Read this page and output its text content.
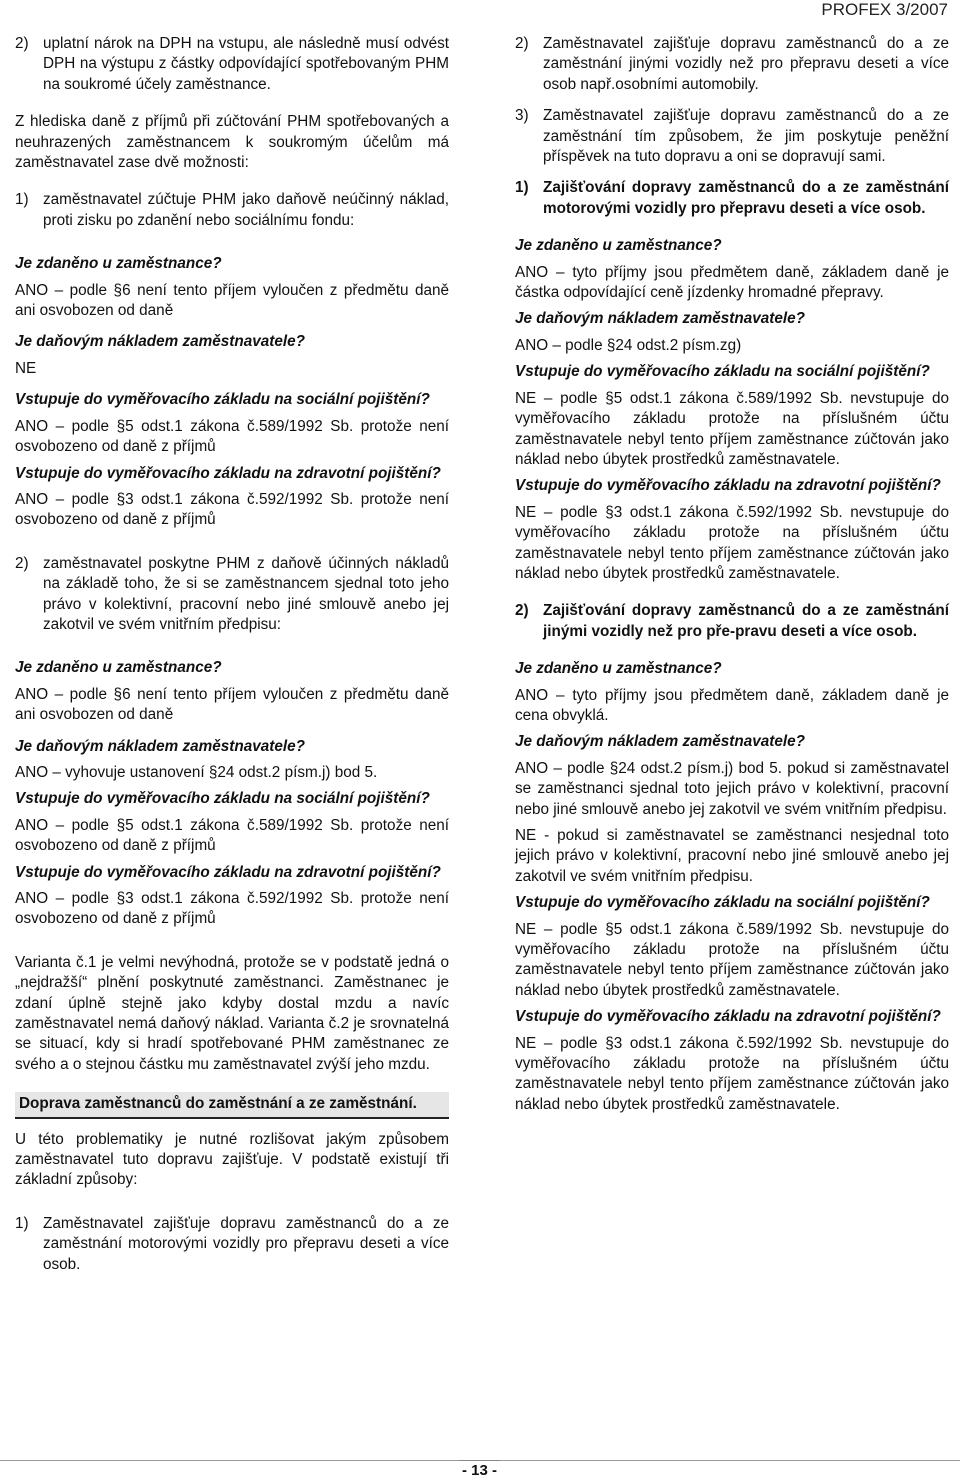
PROFEX 3/2007
2) uplatní nárok na DPH na vstupu, ale následně musí odvést DPH na výstupu z částky odpovídající spotřebovaným PHM na soukromé účely zaměstnance.

Z hlediska daně z příjmů při zúčtování PHM spotřebovaných a neuhrazených zaměstnancem k soukromým účelům má zaměstnavatel zase dvě možnosti:

1) zaměstnavatel zúčtuje PHM jako daňově neúčinný náklad, proti zisku po zdanění nebo sociálnímu fondu:

Je zdaněno u zaměstnance?

ANO – podle §6 není tento příjem vyloučen z předmětu daně ani osvobozen od daně

Je daňovým nákladem zaměstnavatele?

NE

Vstupuje do vyměřovacího základu na sociální pojištění?

ANO – podle §5 odst.1 zákona č.589/1992 Sb. protože není osvobozeno od daně z příjmů

Vstupuje do vyměřovacího základu na zdravotní pojištění?

ANO – podle §3 odst.1 zákona č.592/1992 Sb. protože není osvobozeno od daně z příjmů

2) zaměstnavatel poskytne PHM z daňově účinných nákladů na základě toho, že si se zaměstnancem sjednal toto jeho právo v kolektivní, pracovní nebo jiné smlouvě anebo jej zakotvil ve svém vnitřním předpisu:

Je zdaněno u zaměstnance?

ANO – podle §6 není tento příjem vyloučen z předmětu daně ani osvobozen od daně

Je daňovým nákladem zaměstnavatele?

ANO – vyhovuje ustanovení §24 odst.2 písm.j) bod 5.

Vstupuje do vyměřovacího základu na sociální pojištění?

ANO – podle §5 odst.1 zákona č.589/1992 Sb. protože není osvobozeno od daně z příjmů

Vstupuje do vyměřovacího základu na zdravotní pojištění?

ANO – podle §3 odst.1 zákona č.592/1992 Sb. protože není osvobozeno od daně z příjmů

Varianta č.1 je velmi nevýhodná, protože se v podstatě jedná o „nejdražší“ plnění poskytnuté zaměstnanci. Zaměstnanec je zdaní úplně stejně jako kdyby dostal mzdu a navíc zaměstnavatel nemá daňový náklad. Varianta č.2 je srovnatelná se situací, kdy si hradí spotřebované PHM zaměstnanec ze svého a o stejnou částku mu zaměstnavatel zvýší jeho mzdu.

Doprava zaměstnanců do zaměstnání a ze zaměstnání.

U této problematiky je nutné rozlišovat jakým způsobem zaměstnavatel tuto dopravu zajišťuje. V podstatě existují tři základní způsoby:

1) Zaměstnavatel zajišťuje dopravu zaměstnanců do a ze zaměstnání motorovými vozidly pro přepravu deseti a více osob.

2) Zaměstnavatel zajišťuje dopravu zaměstnanců do a ze zaměstnání jinými vozidly než pro přepravu deseti a více osob např.osobními automobily.

3) Zaměstnavatel zajišťuje dopravu zaměstnanců do a ze zaměstnání tím způsobem, že jim poskytuje peněžní příspěvek na tuto dopravu a oni se dopravují sami.

1) Zajišťování dopravy zaměstnanců do a ze zaměstnání motorovými vozidly pro přepravu deseti a více osob.

Je zdaněno u zaměstnance?

ANO – tyto příjmy jsou předmětem daně, základem daně je částka odpovídající ceně jízdenky hromadné přepravy.

Je daňovým nákladem zaměstnavatele?

ANO – podle §24 odst.2 písm.zg)

Vstupuje do vyměřovacího základu na sociální pojištění?

NE – podle §5 odst.1 zákona č.589/1992 Sb. nevstupuje do vyměřovacího základu protože na příslušném účtu zaměstnavatele nebyl tento příjem zaměstnance zúčtován jako náklad nebo úbytek prostředků zaměstnavatele.

Vstupuje do vyměřovacího základu na zdravotní pojištění?

NE – podle §3 odst.1 zákona č.592/1992 Sb. nevstupuje do vyměřovacího základu protože na příslušném účtu zaměstnavatele nebyl tento příjem zaměstnance zúčtován jako náklad nebo úbytek prostředků zaměstnavatele.

2) Zajišťování dopravy zaměstnanců do a ze zaměstnání jinými vozidly než pro pře-pravu deseti a více osob.

Je zdaněno u zaměstnance?

ANO – tyto příjmy jsou předmětem daně, základem daně je cena obvyklá.

Je daňovým nákladem zaměstnavatele?

ANO – podle §24 odst.2 písm.j) bod 5. pokud si zaměstnavatel se zaměstnanci sjednal toto jejich právo v kolektivní, pracovní nebo jiné smlouvě anebo jej zakotvil ve svém vnitřním předpisu.

NE - pokud si zaměstnavatel se zaměstnanci nesjednal toto jejich právo v kolektivní, pracovní nebo jiné smlouvě anebo jej zakotvil ve svém vnitřním předpisu.

Vstupuje do vyměřovacího základu na sociální pojištění?

NE – podle §5 odst.1 zákona č.589/1992 Sb. nevstupuje do vyměřovacího základu protože na příslušném účtu zaměstnavatele nebyl tento příjem zaměstnance zúčtován jako náklad nebo úbytek prostředků zaměstnavatele.

Vstupuje do vyměřovacího základu na zdravotní pojištění?

NE – podle §3 odst.1 zákona č.592/1992 Sb. nevstupuje do vyměřovacího základu protože na příslušném účtu zaměstnavatele nebyl tento příjem zaměstnance zúčtován jako náklad nebo úbytek prostředků zaměstnavatele.

- 13 -
